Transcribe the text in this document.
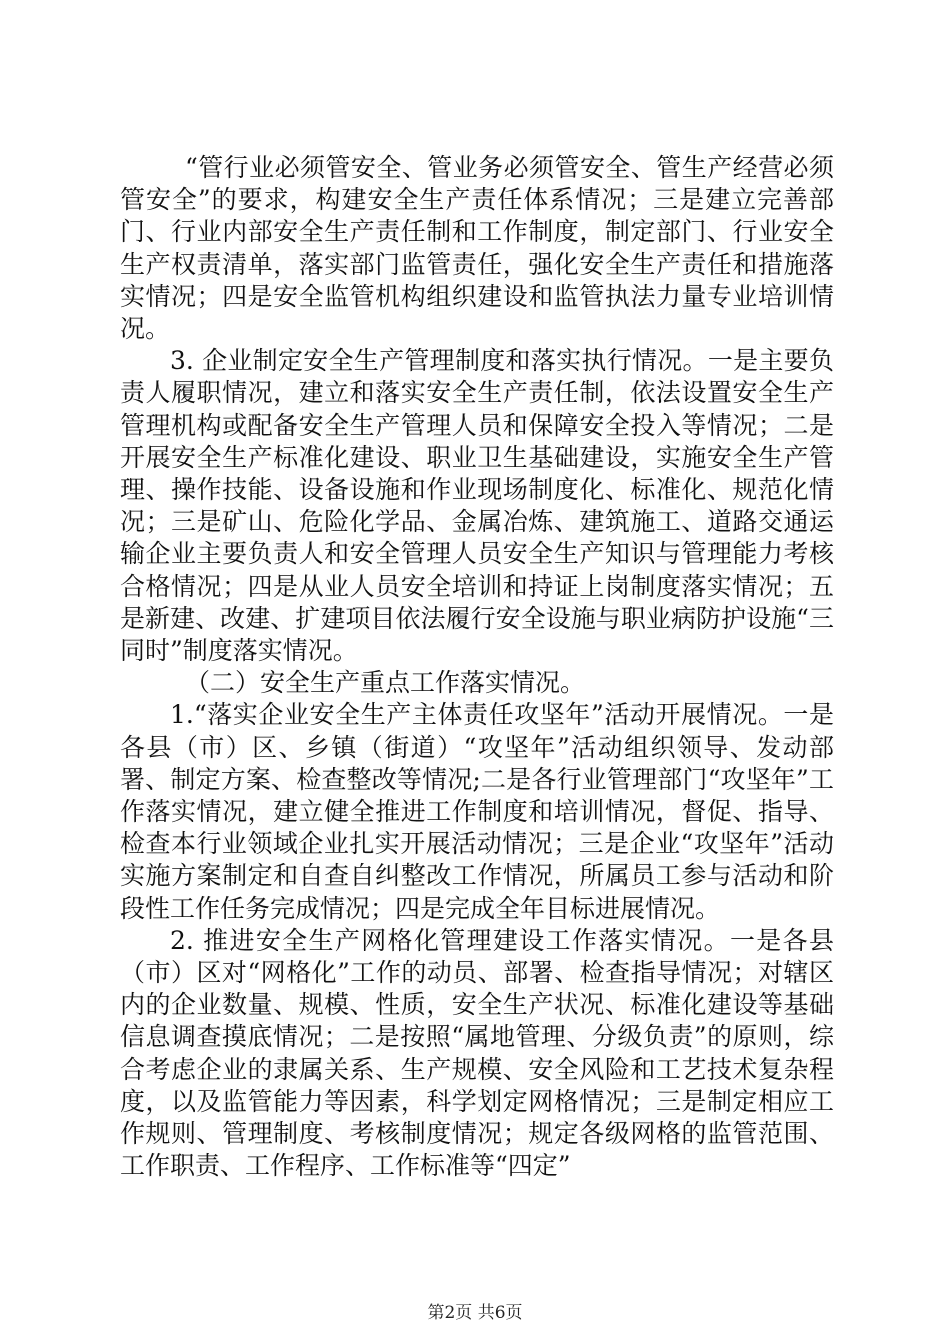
“管行业必须管安全、管业务必须管安全、管生产经营必须管安全”的要求，构建安全生产责任体系情况；三是建立完善部门、行业内部安全生产责任制和工作制度，制定部门、行业安全生产权责清单，落实部门监管责任，强化安全生产责任和措施落实情况；四是安全监管机构组织建设和监管执法力量专业培训情况。

3. 企业制定安全生产管理制度和落实执行情况。一是主要负责人履职情况，建立和落实安全生产责任制，依法设置安全生产管理机构或配备安全生产管理人员和保障安全投入等情况；二是开展安全生产标准化建设、职业卫生基础建设，实施安全生产管理、操作技能、设备设施和作业现场制度化、标准化、规范化情况；三是矿山、危险化学品、金属冶炼、建筑施工、道路交通运输企业主要负责人和安全管理人员安全生产知识与管理能力考核合格情况；四是从业人员安全培训和持证上岗制度落实情况；五是新建、改建、扩建项目依法履行安全设施与职业病防护设施“三同时”制度落实情况。

（二）安全生产重点工作落实情况。

1.“落实企业安全生产主体责任攻坚年”活动开展情况。一是各县（市）区、乡镇（街道）“攻坚年”活动组织领导、发动部署、制定方案、检查整改等情况;二是各行业管理部门“攻坚年”工作落实情况，建立健全推进工作制度和培训情况，督促、指导、检查本行业领域企业扎实开展活动情况；三是企业“攻坚年”活动实施方案制定和自查自纠整改工作情况，所属员工参与活动和阶段性工作任务完成情况；四是完成全年目标进展情况。

2. 推进安全生产网格化管理建设工作落实情况。一是各县（市）区对“网格化”工作的动员、部署、检查指导情况；对辖区内的企业数量、规模、性质，安全生产状况、标准化建设等基础信息调查摸底情况；二是按照“属地管理、分级负责”的原则，综合考虑企业的隶属关系、生产规模、安全风险和工艺技术复杂程度，以及监管能力等因素，科学划定网格情况；三是制定相应工作规则、管理制度、考核制度情况；规定各级网格的监管范围、工作职责、工作程序、工作标准等“四定”

第2页 共6页
